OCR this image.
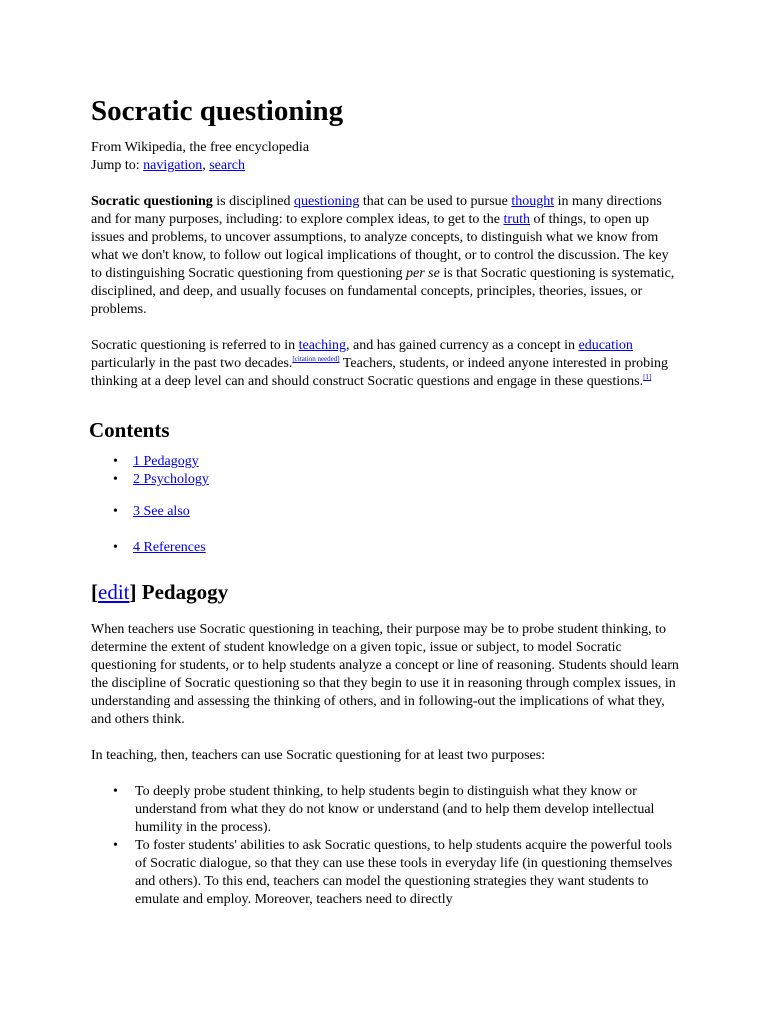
Socratic questioning
From Wikipedia, the free encyclopedia
Jump to: navigation, search

Socratic questioning is disciplined questioning that can be used to pursue thought in many directions and for many purposes, including: to explore complex ideas, to get to the truth of things, to open up issues and problems, to uncover assumptions, to analyze concepts, to distinguish what we know from what we don't know, to follow out logical implications of thought, or to control the discussion. The key to distinguishing Socratic questioning from questioning per se is that Socratic questioning is systematic, disciplined, and deep, and usually focuses on fundamental concepts, principles, theories, issues, or problems.

Socratic questioning is referred to in teaching, and has gained currency as a concept in education particularly in the past two decades.[citation needed] Teachers, students, or indeed anyone interested in probing thinking at a deep level can and should construct Socratic questions and engage in these questions.[1]

Contents
• 1 Pedagogy
• 2 Psychology
• 3 See also
• 4 References
[edit] Pedagogy

When teachers use Socratic questioning in teaching, their purpose may be to probe student thinking, to determine the extent of student knowledge on a given topic, issue or subject, to model Socratic questioning for students, or to help students analyze a concept or line of reasoning. Students should learn the discipline of Socratic questioning so that they begin to use it in reasoning through complex issues, in understanding and assessing the thinking of others, and in following-out the implications of what they, and others think.

In teaching, then, teachers can use Socratic questioning for at least two purposes:

• To deeply probe student thinking, to help students begin to distinguish what they know or understand from what they do not know or understand (and to help them develop intellectual humility in the process).
• To foster students' abilities to ask Socratic questions, to help students acquire the powerful tools of Socratic dialogue, so that they can use these tools in everyday life (in questioning themselves and others). To this end, teachers can model the questioning strategies they want students to emulate and employ. Moreover, teachers need to directly
